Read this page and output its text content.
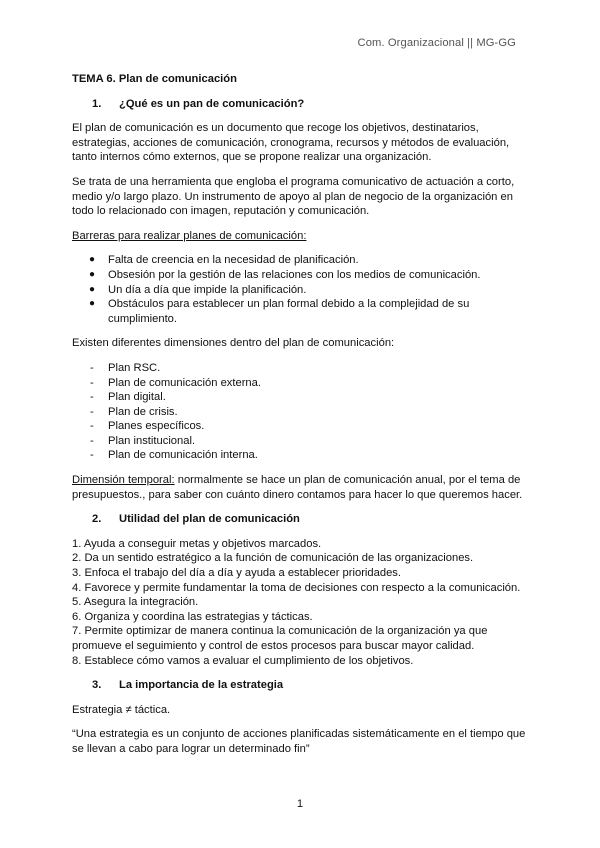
Com. Organizacional || MG-GG
TEMA 6. Plan de comunicación
1.	¿Qué es un pan de comunicación?

El plan de comunicación es un documento que recoge los objetivos, destinatarios, estrategias, acciones de comunicación, cronograma, recursos y métodos de evaluación, tanto internos cómo externos, que se propone realizar una organización.

Se trata de una herramienta que engloba el programa comunicativo de actuación a corto, medio y/o largo plazo. Un instrumento de apoyo al plan de negocio de la organización en todo lo relacionado con imagen, reputación y comunicación.

Barreras para realizar planes de comunicación:

● Falta de creencia en la necesidad de planificación.
● Obsesión por la gestión de las relaciones con los medios de comunicación.
● Un día a día que impide la planificación.
● Obstáculos para establecer un plan formal debido a la complejidad de su cumplimiento.

Existen diferentes dimensiones dentro del plan de comunicación:

- Plan RSC.
- Plan de comunicación externa.
- Plan digital.
- Plan de crisis.
- Planes específicos.
- Plan institucional.
- Plan de comunicación interna.

Dimensión temporal: normalmente se hace un plan de comunicación anual, por el tema de presupuestos., para saber con cuánto dinero contamos para hacer lo que queremos hacer.

2.	Utilidad del plan de comunicación
1. Ayuda a conseguir metas y objetivos marcados.
2. Da un sentido estratégico a la función de comunicación de las organizaciones.
3. Enfoca el trabajo del día a día y ayuda a establecer prioridades.
4. Favorece y permite fundamentar la toma de decisiones con respecto a la comunicación.
5. Asegura la integración.
6. Organiza y coordina las estrategias y tácticas.
7. Permite optimizar de manera continua la comunicación de la organización ya que promueve el seguimiento y control de estos procesos para buscar mayor calidad.
8. Establece cómo vamos a evaluar el cumplimiento de los objetivos.
3.	La importancia de la estrategia

Estrategia ≠ táctica.

“Una estrategia es un conjunto de acciones planificadas sistemáticamente en el tiempo que se llevan a cabo para lograr un determinado fin”

1
